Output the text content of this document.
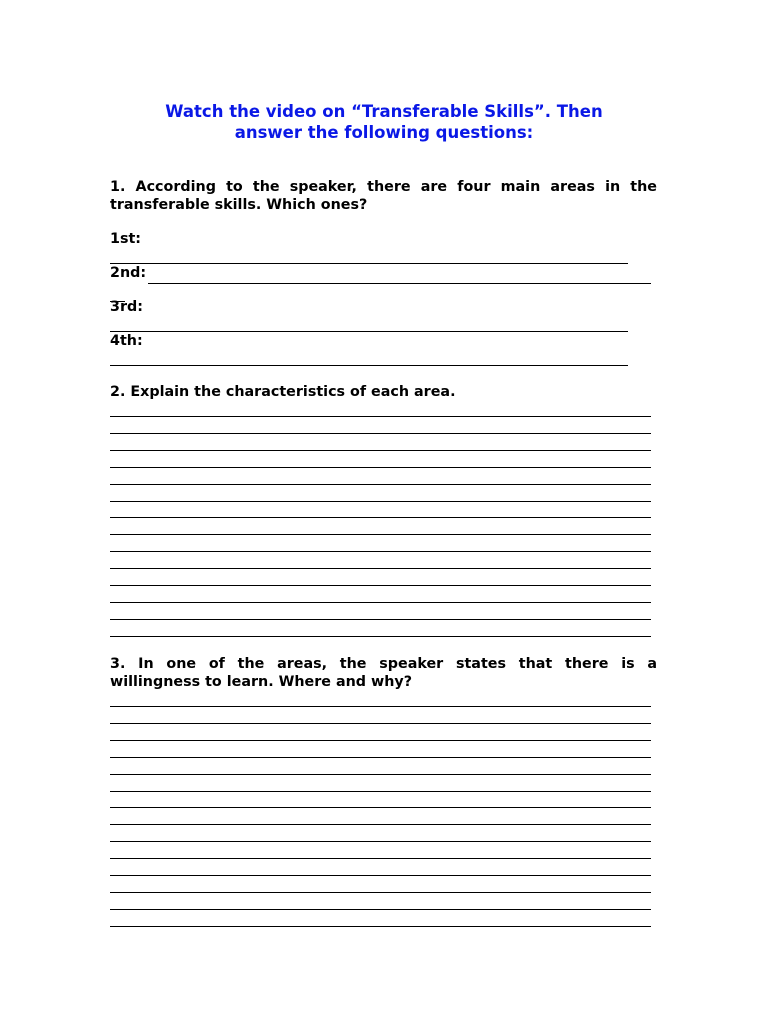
Watch the video on “Transferable Skills”. Then
answer the following questions:
1. According to the speaker, there are four main areas in the transferable skills. Which ones?
1st:
2nd:
3rd:
4th:
2. Explain the characteristics of each area.
3. In one of the areas, the speaker states that there is a willingness to learn. Where and why?
